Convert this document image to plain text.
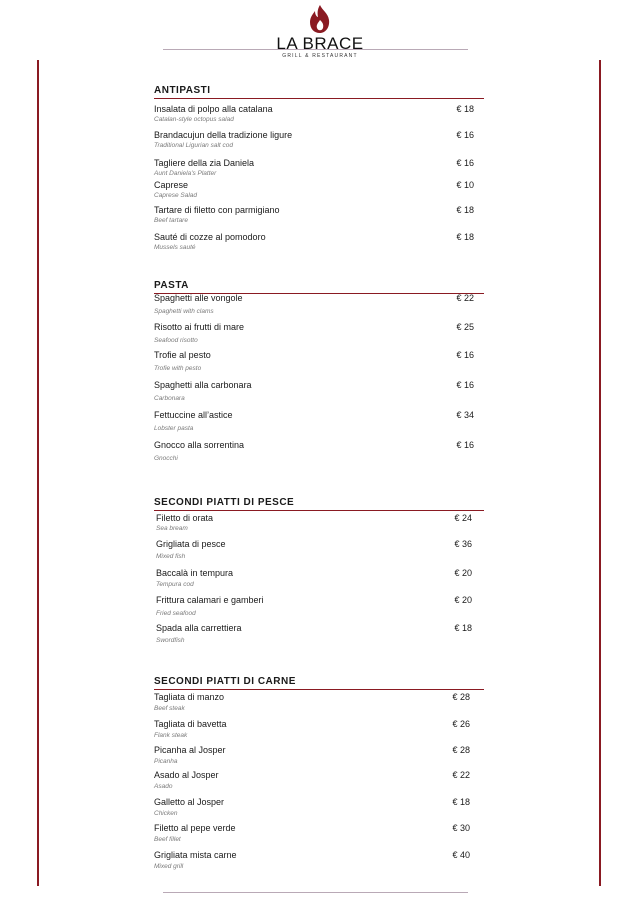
LA BRACE
GRILL & RESTAURANT
ANTIPASTI
Insalata di polpo alla catalana
Catalan-style octopus salad
€ 18
Brandacujun della tradizione ligure
Traditional Ligurian salt cod
€ 16
Tagliere della zia Daniela
Aunt Daniela's Platter
€ 16
Caprese
Caprese Salad
€ 10
Tartare di filetto con parmigiano
Beef tartare
€ 18
Sauté di cozze al pomodoro
Mussels sauté
€ 18
PASTA
Spaghetti alle vongole
Spaghetti with clams
€ 22
Risotto ai frutti di mare
Seafood risotto
€ 25
Trofie al pesto
Trofie with pesto
€ 16
Spaghetti alla carbonara
Carbonara
€ 16
Fettuccine all’astice
Lobster pasta
€ 34
Gnocco alla sorrentina
Gnocchi
€ 16
SECONDI PIATTI DI PESCE
Filetto di orata
Sea bream
€ 24
Grigliata di pesce
Mixed fish
€ 36
Baccalà in tempura
Tempura cod
€ 20
Frittura calamari e gamberi
Fried seafood
€ 20
Spada alla carrettiera
Swordfish
€ 18
SECONDI PIATTI DI CARNE
Tagliata di manzo
Beef steak
€ 28
Tagliata di bavetta
Flank steak
€ 26
Picanha al Josper
Picanha
€ 28
Asado al Josper
Asado
€ 22
Galletto al Josper
Chicken
€ 18
Filetto al pepe verde
Beef fillet
€ 30
Grigliata mista carne
Mixed grill
€ 40
